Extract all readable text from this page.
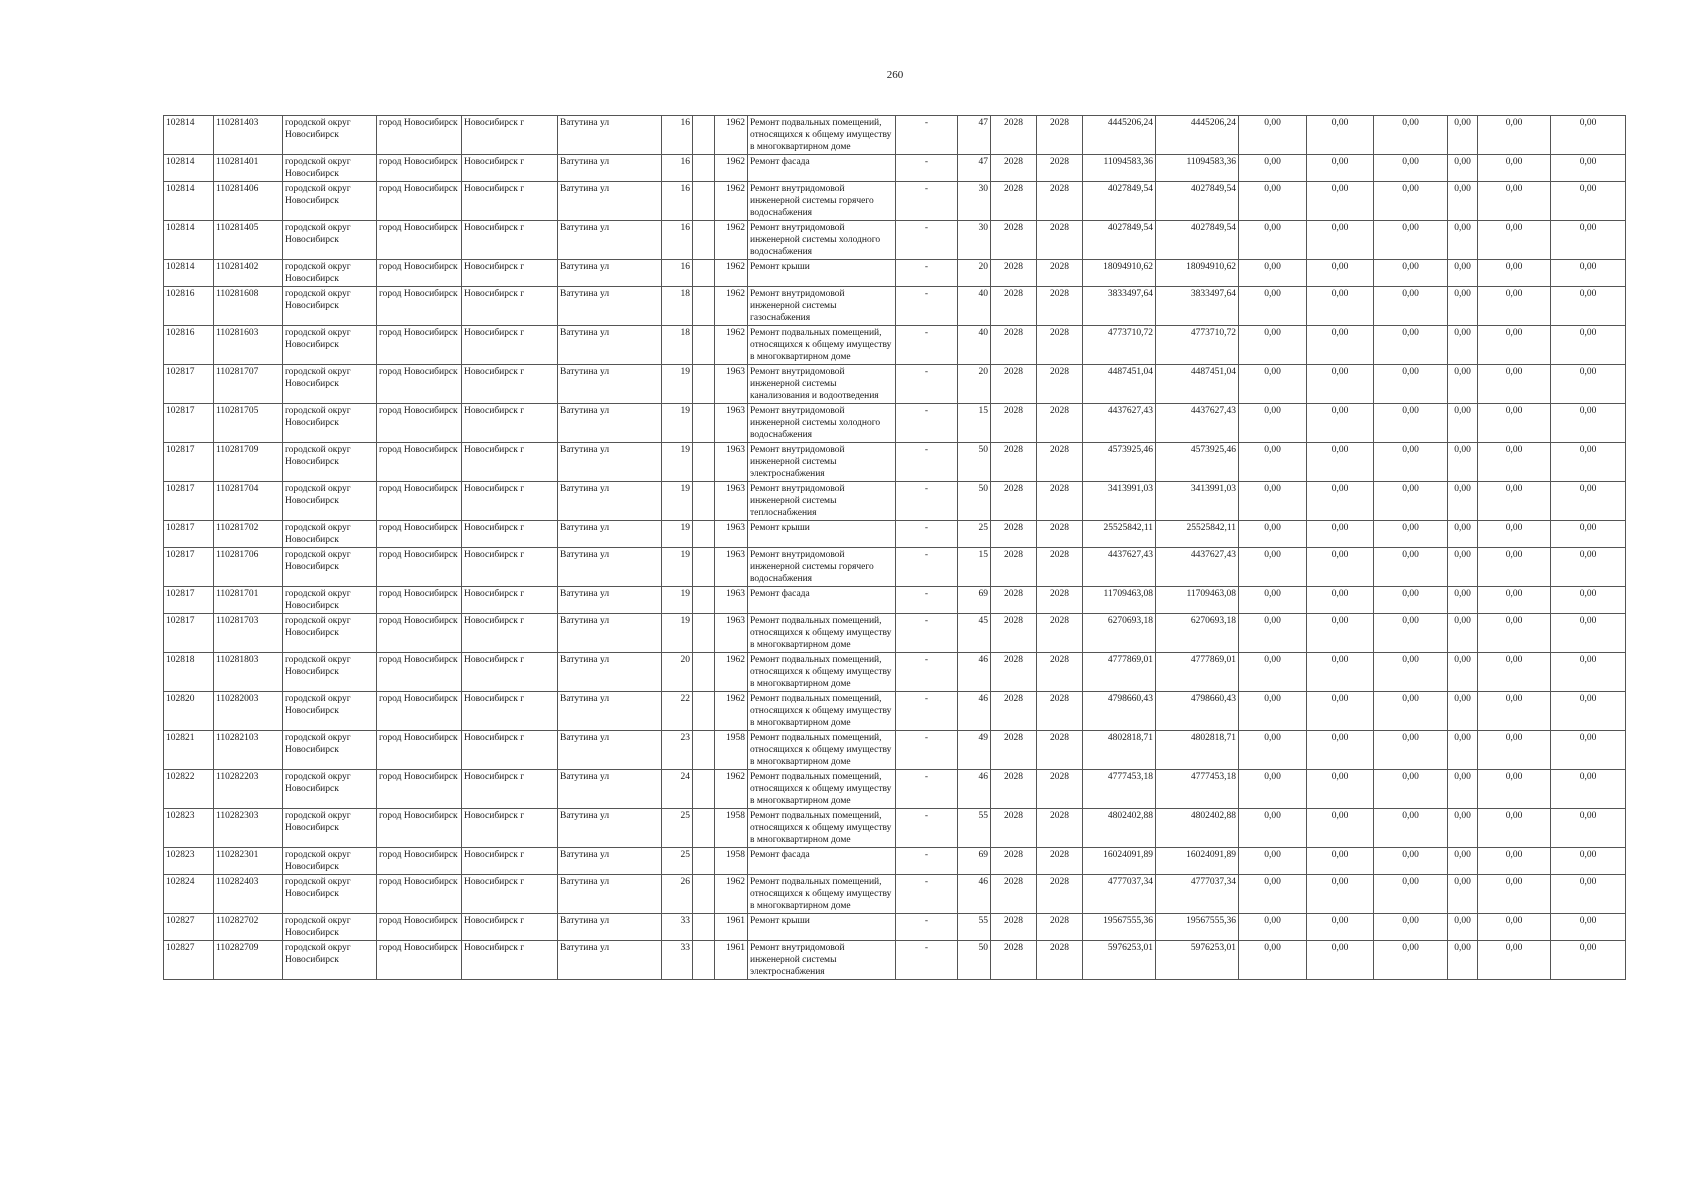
260
102814	110281403	городской округ Новосибирск	город Новосибирск	Новосибирск г	Ватутина ул	16		1962	Ремонт подвальных помещений, относящихся к общему имуществу в многоквартирном доме	-	47	2028	2028	4445206,24	4445206,24	0,00	0,00	0,00	0,00	0,00	0,00
102814	110281401	городской округ Новосибирск	город Новосибирск	Новосибирск г	Ватутина ул	16		1962	Ремонт фасада	-	47	2028	2028	11094583,36	11094583,36	0,00	0,00	0,00	0,00	0,00	0,00
102814	110281406	городской округ Новосибирск	город Новосибирск	Новосибирск г	Ватутина ул	16		1962	Ремонт внутридомовой инженерной системы горячего водоснабжения	-	30	2028	2028	4027849,54	4027849,54	0,00	0,00	0,00	0,00	0,00	0,00
102814	110281405	городской округ Новосибирск	город Новосибирск	Новосибирск г	Ватутина ул	16		1962	Ремонт внутридомовой инженерной системы холодного водоснабжения	-	30	2028	2028	4027849,54	4027849,54	0,00	0,00	0,00	0,00	0,00	0,00
102814	110281402	городской округ Новосибирск	город Новосибирск	Новосибирск г	Ватутина ул	16		1962	Ремонт крыши	-	20	2028	2028	18094910,62	18094910,62	0,00	0,00	0,00	0,00	0,00	0,00
102816	110281608	городской округ Новосибирск	город Новосибирск	Новосибирск г	Ватутина ул	18		1962	Ремонт внутридомовой инженерной системы газоснабжения	-	40	2028	2028	3833497,64	3833497,64	0,00	0,00	0,00	0,00	0,00	0,00
102816	110281603	городской округ Новосибирск	город Новосибирск	Новосибирск г	Ватутина ул	18		1962	Ремонт подвальных помещений, относящихся к общему имуществу в многоквартирном доме	-	40	2028	2028	4773710,72	4773710,72	0,00	0,00	0,00	0,00	0,00	0,00
102817	110281707	городской округ Новосибирск	город Новосибирск	Новосибирск г	Ватутина ул	19		1963	Ремонт внутридомовой инженерной системы канализования и водоотведения	-	20	2028	2028	4487451,04	4487451,04	0,00	0,00	0,00	0,00	0,00	0,00
102817	110281705	городской округ Новосибирск	город Новосибирск	Новосибирск г	Ватутина ул	19		1963	Ремонт внутридомовой инженерной системы холодного водоснабжения	-	15	2028	2028	4437627,43	4437627,43	0,00	0,00	0,00	0,00	0,00	0,00
102817	110281709	городской округ Новосибирск	город Новосибирск	Новосибирск г	Ватутина ул	19		1963	Ремонт внутридомовой инженерной системы электроснабжения	-	50	2028	2028	4573925,46	4573925,46	0,00	0,00	0,00	0,00	0,00	0,00
102817	110281704	городской округ Новосибирск	город Новосибирск	Новосибирск г	Ватутина ул	19		1963	Ремонт внутридомовой инженерной системы теплоснабжения	-	50	2028	2028	3413991,03	3413991,03	0,00	0,00	0,00	0,00	0,00	0,00
102817	110281702	городской округ Новосибирск	город Новосибирск	Новосибирск г	Ватутина ул	19		1963	Ремонт крыши	-	25	2028	2028	25525842,11	25525842,11	0,00	0,00	0,00	0,00	0,00	0,00
102817	110281706	городской округ Новосибирск	город Новосибирск	Новосибирск г	Ватутина ул	19		1963	Ремонт внутридомовой инженерной системы горячего водоснабжения	-	15	2028	2028	4437627,43	4437627,43	0,00	0,00	0,00	0,00	0,00	0,00
102817	110281701	городской округ Новосибирск	город Новосибирск	Новосибирск г	Ватутина ул	19		1963	Ремонт фасада	-	69	2028	2028	11709463,08	11709463,08	0,00	0,00	0,00	0,00	0,00	0,00
102817	110281703	городской округ Новосибирск	город Новосибирск	Новосибирск г	Ватутина ул	19		1963	Ремонт подвальных помещений, относящихся к общему имуществу в многоквартирном доме	-	45	2028	2028	6270693,18	6270693,18	0,00	0,00	0,00	0,00	0,00	0,00
102818	110281803	городской округ Новосибирск	город Новосибирск	Новосибирск г	Ватутина ул	20		1962	Ремонт подвальных помещений, относящихся к общему имуществу в многоквартирном доме	-	46	2028	2028	4777869,01	4777869,01	0,00	0,00	0,00	0,00	0,00	0,00
102820	110282003	городской округ Новосибирск	город Новосибирск	Новосибирск г	Ватутина ул	22		1962	Ремонт подвальных помещений, относящихся к общему имуществу в многоквартирном доме	-	46	2028	2028	4798660,43	4798660,43	0,00	0,00	0,00	0,00	0,00	0,00
102821	110282103	городской округ Новосибирск	город Новосибирск	Новосибирск г	Ватутина ул	23		1958	Ремонт подвальных помещений, относящихся к общему имуществу в многоквартирном доме	-	49	2028	2028	4802818,71	4802818,71	0,00	0,00	0,00	0,00	0,00	0,00
102822	110282203	городской округ Новосибирск	город Новосибирск	Новосибирск г	Ватутина ул	24		1962	Ремонт подвальных помещений, относящихся к общему имуществу в многоквартирном доме	-	46	2028	2028	4777453,18	4777453,18	0,00	0,00	0,00	0,00	0,00	0,00
102823	110282303	городской округ Новосибирск	город Новосибирск	Новосибирск г	Ватутина ул	25		1958	Ремонт подвальных помещений, относящихся к общему имуществу в многоквартирном доме	-	55	2028	2028	4802402,88	4802402,88	0,00	0,00	0,00	0,00	0,00	0,00
102823	110282301	городской округ Новосибирск	город Новосибирск	Новосибирск г	Ватутина ул	25		1958	Ремонт фасада	-	69	2028	2028	16024091,89	16024091,89	0,00	0,00	0,00	0,00	0,00	0,00
102824	110282403	городской округ Новосибирск	город Новосибирск	Новосибирск г	Ватутина ул	26		1962	Ремонт подвальных помещений, относящихся к общему имуществу в многоквартирном доме	-	46	2028	2028	4777037,34	4777037,34	0,00	0,00	0,00	0,00	0,00	0,00
102827	110282702	городской округ Новосибирск	город Новосибирск	Новосибирск г	Ватутина ул	33		1961	Ремонт крыши	-	55	2028	2028	19567555,36	19567555,36	0,00	0,00	0,00	0,00	0,00	0,00
102827	110282709	городской округ Новосибирск	город Новосибирск	Новосибирск г	Ватутина ул	33		1961	Ремонт внутридомовой инженерной системы электроснабжения	-	50	2028	2028	5976253,01	5976253,01	0,00	0,00	0,00	0,00	0,00	0,00
